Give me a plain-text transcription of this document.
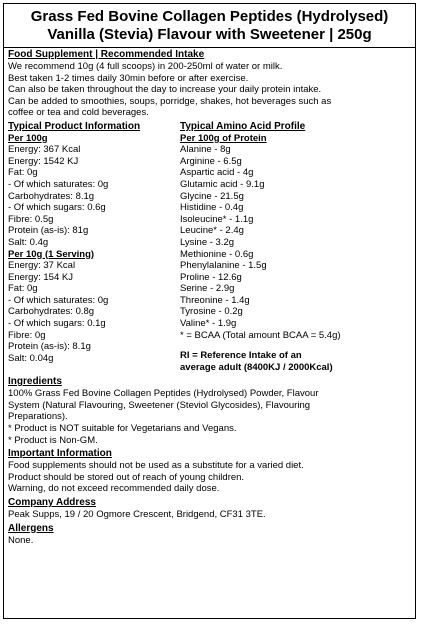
Grass Fed Bovine Collagen Peptides (Hydrolysed)
Vanilla (Stevia) Flavour with Sweetener | 250g
Food Supplement | Recommended Intake
We recommend 10g (4 full scoops) in 200-250ml of water or milk.
Best taken 1-2 times daily 30min before or after exercise.
Can also be taken throughout the day to increase your daily protein intake.
Can be added to smoothies, soups, porridge, shakes, hot beverages such as
coffee or tea and cold beverages.
Typical Product Information
Per 100g
Energy: 367 Kcal
Energy: 1542 KJ
Fat: 0g
- Of which saturates: 0g
Carbohydrates: 8.1g
- Of which sugars: 0.6g
Fibre: 0.5g
Protein (as-is): 81g
Salt: 0.4g
Per 10g (1 Serving)
Energy: 37 Kcal
Energy: 154 KJ
Fat: 0g
- Of which saturates: 0g
Carbohydrates: 0.8g
- Of which sugars: 0.1g
Fibre: 0g
Protein (as-is): 8.1g
Salt: 0.04g
Typical Amino Acid Profile
Per 100g of Protein
Alanine - 8g
Arginine - 6.5g
Aspartic acid - 4g
Glutamic acid - 9.1g
Glycine - 21.5g
Histidine - 0.4g
Isoleucine* - 1.1g
Leucine* - 2.4g
Lysine - 3.2g
Methionine - 0.6g
Phenylalanine - 1.5g
Proline - 12.6g
Serine - 2.9g
Threonine - 1.4g
Tyrosine - 0.2g
Valine* - 1.9g
* = BCAA (Total amount BCAA = 5.4g)
RI = Reference Intake of an
average adult (8400KJ / 2000Kcal)
Ingredients
100% Grass Fed Bovine Collagen Peptides (Hydrolysed) Powder, Flavour
System (Natural Flavouring, Sweetener (Steviol Glycosides), Flavouring
Preparations).
* Product is NOT suitable for Vegetarians and Vegans.
* Product is Non-GM.
Important Information
Food supplements should not be used as a substitute for a varied diet.
Product should be stored out of reach of young children.
Warning, do not exceed recommended daily dose.
Company Address
Peak Supps, 19 / 20 Ogmore Crescent, Bridgend, CF31 3TE.
Allergens
None.
